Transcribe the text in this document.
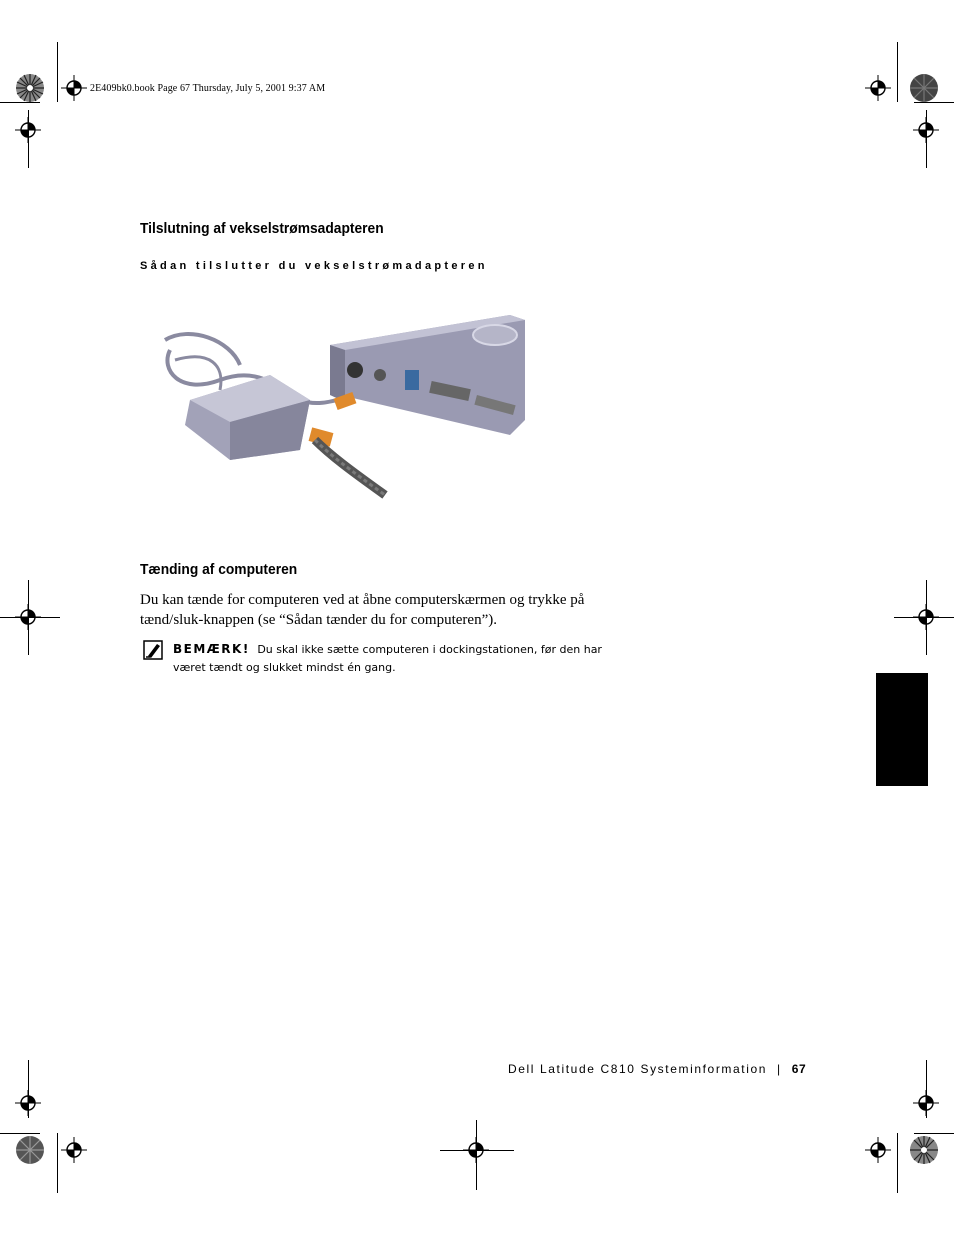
2E409bk0.book Page 67 Thursday, July 5, 2001 9:37 AM
Tilslutning af vekselstrømsadapteren
Sådan tilslutter du vekselstrømadapteren
Tænding af computeren
Du kan tænde for computeren ved at åbne computerskærmen og trykke på tænd/sluk-knappen (se “Sådan tænder du for computeren”).
BEMÆRK! Du skal ikke sætte computeren i dockingstationen, før den har været tændt og slukket mindst én gang.
Dell Latitude C810 Systeminformation | 67
